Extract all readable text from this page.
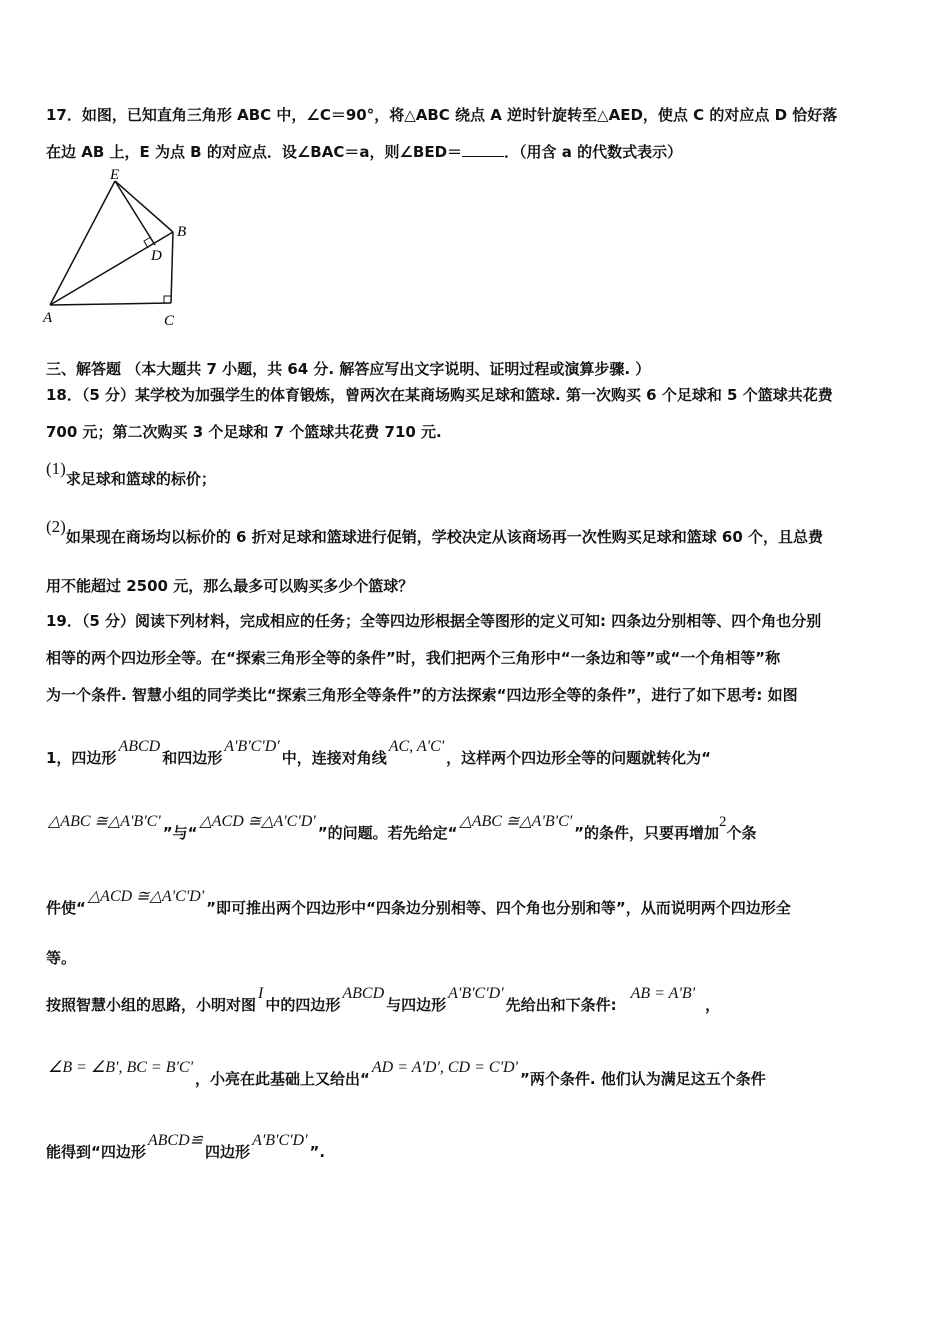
17．如图，已知直角三角形 ABC 中，∠C＝90°，将△ABC 绕点 A 逆时针旋转至△AED，使点 C 的对应点 D 恰好落
在边 AB 上，E 为点 B 的对应点．设∠BAC＝a，则∠BED＝	．（用含 a 的代数式表示）
E
B
D
A	C
三、解答题 （本大题共 7 小题，共 64 分. 解答应写出文字说明、证明过程或演算步骤. ）
18．（5 分）某学校为加强学生的体育锻炼，曾两次在某商场购买足球和篮球. 第一次购买 6 个足球和 5 个篮球共花费
700 元；第二次购买 3 个足球和 7 个篮球共花费 710 元.
(1)求足球和篮球的标价；
(2)如果现在商场均以标价的 6 折对足球和篮球进行促销，学校决定从该商场再一次性购买足球和篮球 60 个，且总费
用不能超过 2500 元，那么最多可以购买多少个篮球？
19．（5 分）阅读下列材料，完成相应的任务；全等四边形根据全等图形的定义可知: 四条边分别相等、四个角也分别
相等的两个四边形全等。在“探索三角形全等的条件”时，我们把两个三角形中“一条边和等”或“一个角相等”称
为一个条件. 智慧小组的同学类比“探索三角形全等条件”的方法探索“四边形全等的条件”，进行了如下思考: 如图
1，四边形ABCD和四边形A'B'C'D'中，连接对角线AC, A'C'，这样两个四边形全等的问题就转化为“
△ABC ≅△A'B'C'”与“△ACD ≅△A'C'D'”的问题。若先给定“△ABC ≅△A'B'C'”的条件，只要再增加2个条
件使“△ACD ≅△A'C'D'”即可推出两个四边形中“四条边分别相等、四个角也分别和等”，从而说明两个四边形全
等。
按照智慧小组的思路，小明对图I中的四边形ABCD与四边形A'B'C'D'先给出和下条件:AB = A'B'，
∠B = ∠B', BC = B'C'，小亮在此基础上又给出“AD = A'D', CD = C'D'”两个条件. 他们认为满足这五个条件
能得到“四边形ABCD≌四边形A'B'C'D'”.
